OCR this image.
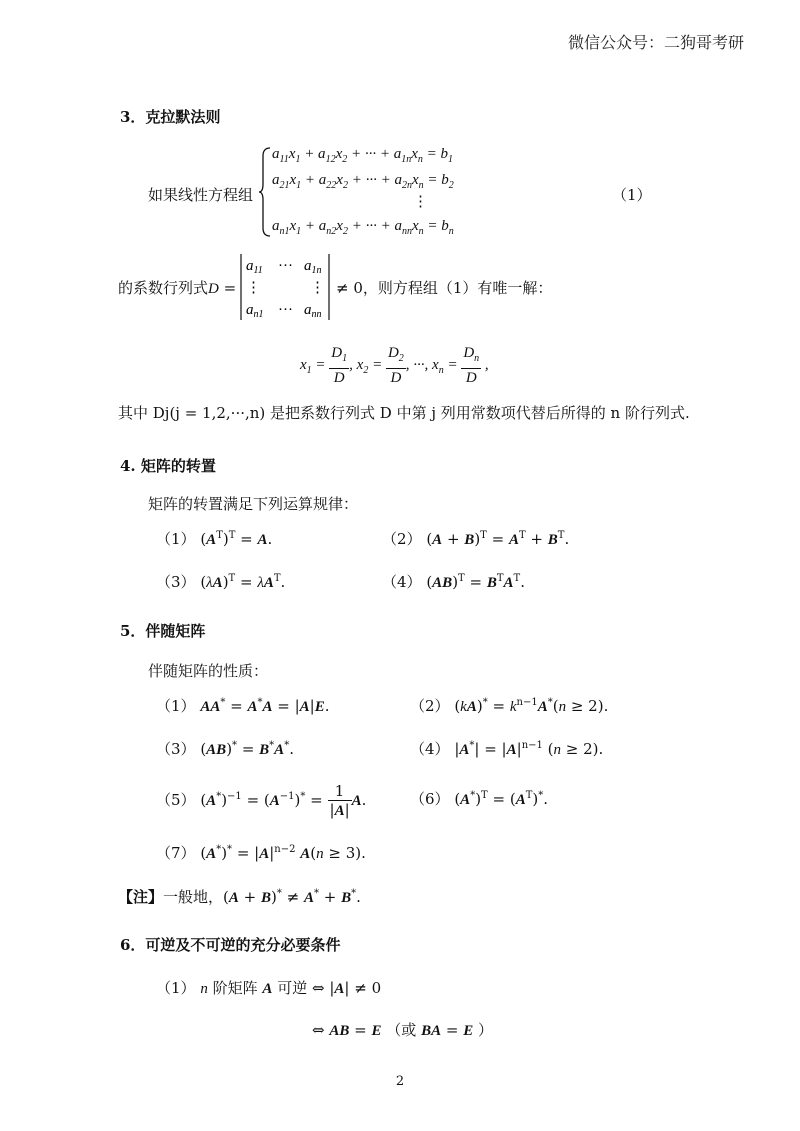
微信公众号：二狗哥考研
3．克拉默法则
如果线性方程组
$a_{11}x_1 + a_{12}x_2$ + ··· + $a_{1n}x_n = b_1$
$a_{21}x_1 + a_{22}x_2$ + ··· + $a_{2n}x_n = b_2$
⋮
$a_{n1}x_1 + a_{n2}x_2$ + ··· + $a_{nn}x_n = b_n$
（1）
的系数行列式D =
$a_{11}$ ··· $a_{1n}$
⋮	⋮
$a_{n1}$ ··· $a_{nn}$
≠ 0，则方程组（1）有唯一解：
$x_1 = \frac{D_1}{D}$ , $x_2 = \frac{D_2}{D}$ , ···, $x_n = \frac{D_n}{D}$ ,
其中 Dj(j = 1,2,···,n) 是把系数行列式 D 中第 j 列用常数项代替后所得的 n 阶行列式.
4. 矩阵的转置
矩阵的转置满足下列运算规律：
（1） $(A^T)^T = A$.	（2） $(A + B)^T = A^T + B^T$.
（3） $(\lambda A)^T = \lambda A^T$.	（4） $(AB)^T = B^TA^T$.
5．伴随矩阵
伴随矩阵的性质：
（1） AA* = A*A = |A|E.	（2） $(kA)^* = k^{n-1}A^*(n \ge 2)$.
（3） (AB)* = B*A*.	（4） $|A^*| = |A|^{n-1}$ (n ≥ 2).
（5） $(A^*)^{-1} = (A^{-1})^* = \frac{1}{|A|} A$.	（6） $(A^*)^T = (A^T)^*$.
（7） $(A^*)^* = |A|^{n-2}$ A(n ≥ 3).
【注】一般地，(A + B)* ≠ A* + B*.
6．可逆及不可逆的充分必要条件
（1） n 阶矩阵 A 可逆 ⇔ |A| ≠ 0
⇔ AB = E （或 BA = E ）
2
